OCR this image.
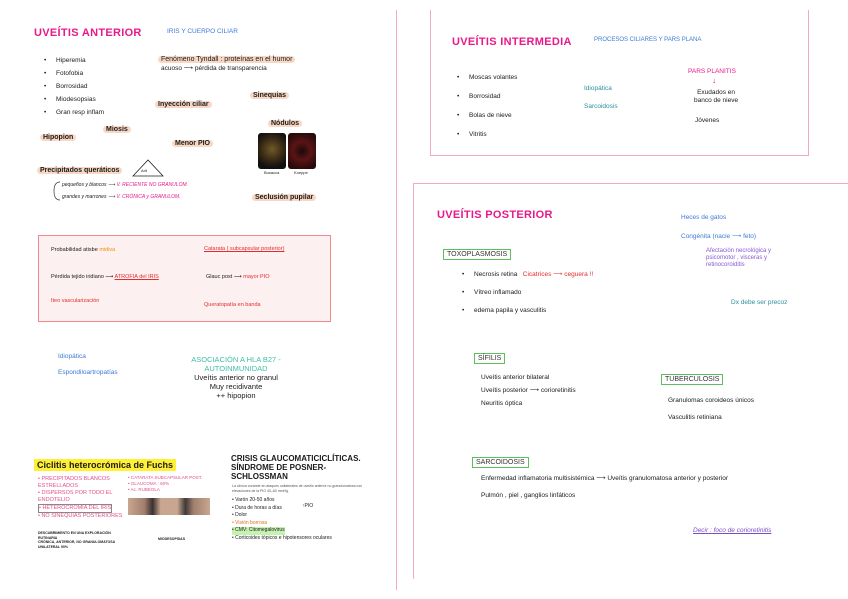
UVEÍTIS ANTERIOR	IRIS Y CUERPO CILIAR
• Hiperemia
• Fotofobia
• Borrosidad
• Miodesopsias
• Gran resp inflam
Fenómeno Tyndall : proteínas en el humor
acuoso ⟶ pérdida de transparencia
Inyección ciliar
Sinequias
Miosis
Hipopion
Menor PIO
Nódulos
Busacca	Koeppe
Precipitados queráticos	Arlt
pequeños y blancos ⟶ V. RECIENTE NO GRANULOM.
grandes y marrones ⟶ V. CRÓNICA y GRANULOM.	Seclusión pupilar
Probabilidad atisbe midiva	Catarata ( subcapsular posterior)
Pérdida tejido iridiano ⟶ ATROFIA del IRIS	Glauc post ⟶ mayor PIO
Iteo vascularización
Queratopatía en banda
Idiopática
Espondiloartropatías
ASOCIACIÓN A HLA B27 -
AUTOINMUNIDAD
Uveítis anterior no granul
Muy recidivante
++ hipopion
Ciclitis heterocrómica de Fuchs
• PRECIPITADOS BLANCOS ESTRELLADOS
• DISPERSOS POR TODO EL ENDOTELIO
• HETEROCROMÍA DEL IRIS
• NO SINEQUIAS POSTERIORES
• CATARATA SUBCAPSULAR POST.
• GLAUCOMA : 60%
• Ac. RUBEOLA
DESCUBRIMIENTO EN UNA EXPLORACIÓN RUTINARIA
CRÓNICA, ANTERIOR, NO GRANULOMATOSA UNILATERAL 90%
MIODESOPSIAS
CRISIS GLAUCOMATICICLÍTICAS.
SÍNDROME DE POSNER-
SCHLOSSMAN
La clínica consiste en ataques unilaterales de uveítis anterior no granulomatosa con elevaciones de la PIO 40–60 mmHg.
• Varón 20-50 años
• Dura de horas a días
• Dolor
• Visión borrosa
• CMV: Citomegalovirus
• Corticoides tópicos e hipotensores oculares
↑PIO
UVEÍTIS INTERMEDIA	PROCESOS CILIARES Y PARS PLANA
• Moscas volantes
• Borrosidad
• Bolas de nieve
• Vitritis
Idiopática
Sarcoidosis
PARS PLANITIS
↓
Exudados en
banco de nieve
Jóvenes
UVEÍTIS POSTERIOR	Heces de gatos
Congénita (nacie ⟶ feto)
Afectación necrológica y
psicomotor , visceras y
retinocoroiditis
TOXOPLASMOSIS
• Necrosis retina Cicatrices ⟶ ceguera !!
• Vítreo inflamado
• edema papila y vasculitis
Dx debe ser precoz
SÍFILIS
Uveítis anterior bilateral
Uveítis posterior ⟶ corioretinitis
Neuritis óptica
TUBERCULOSIS
Granulomas coroideos únicos
Vasculitis retiniana
SARCOIDOSIS
Enfermedad inflamatoria multisistémica ⟶ Uveítis granulomatosa anterior y posterior
Pulmón , piel , ganglios linfáticos
Decir : foco de corioretinitis
